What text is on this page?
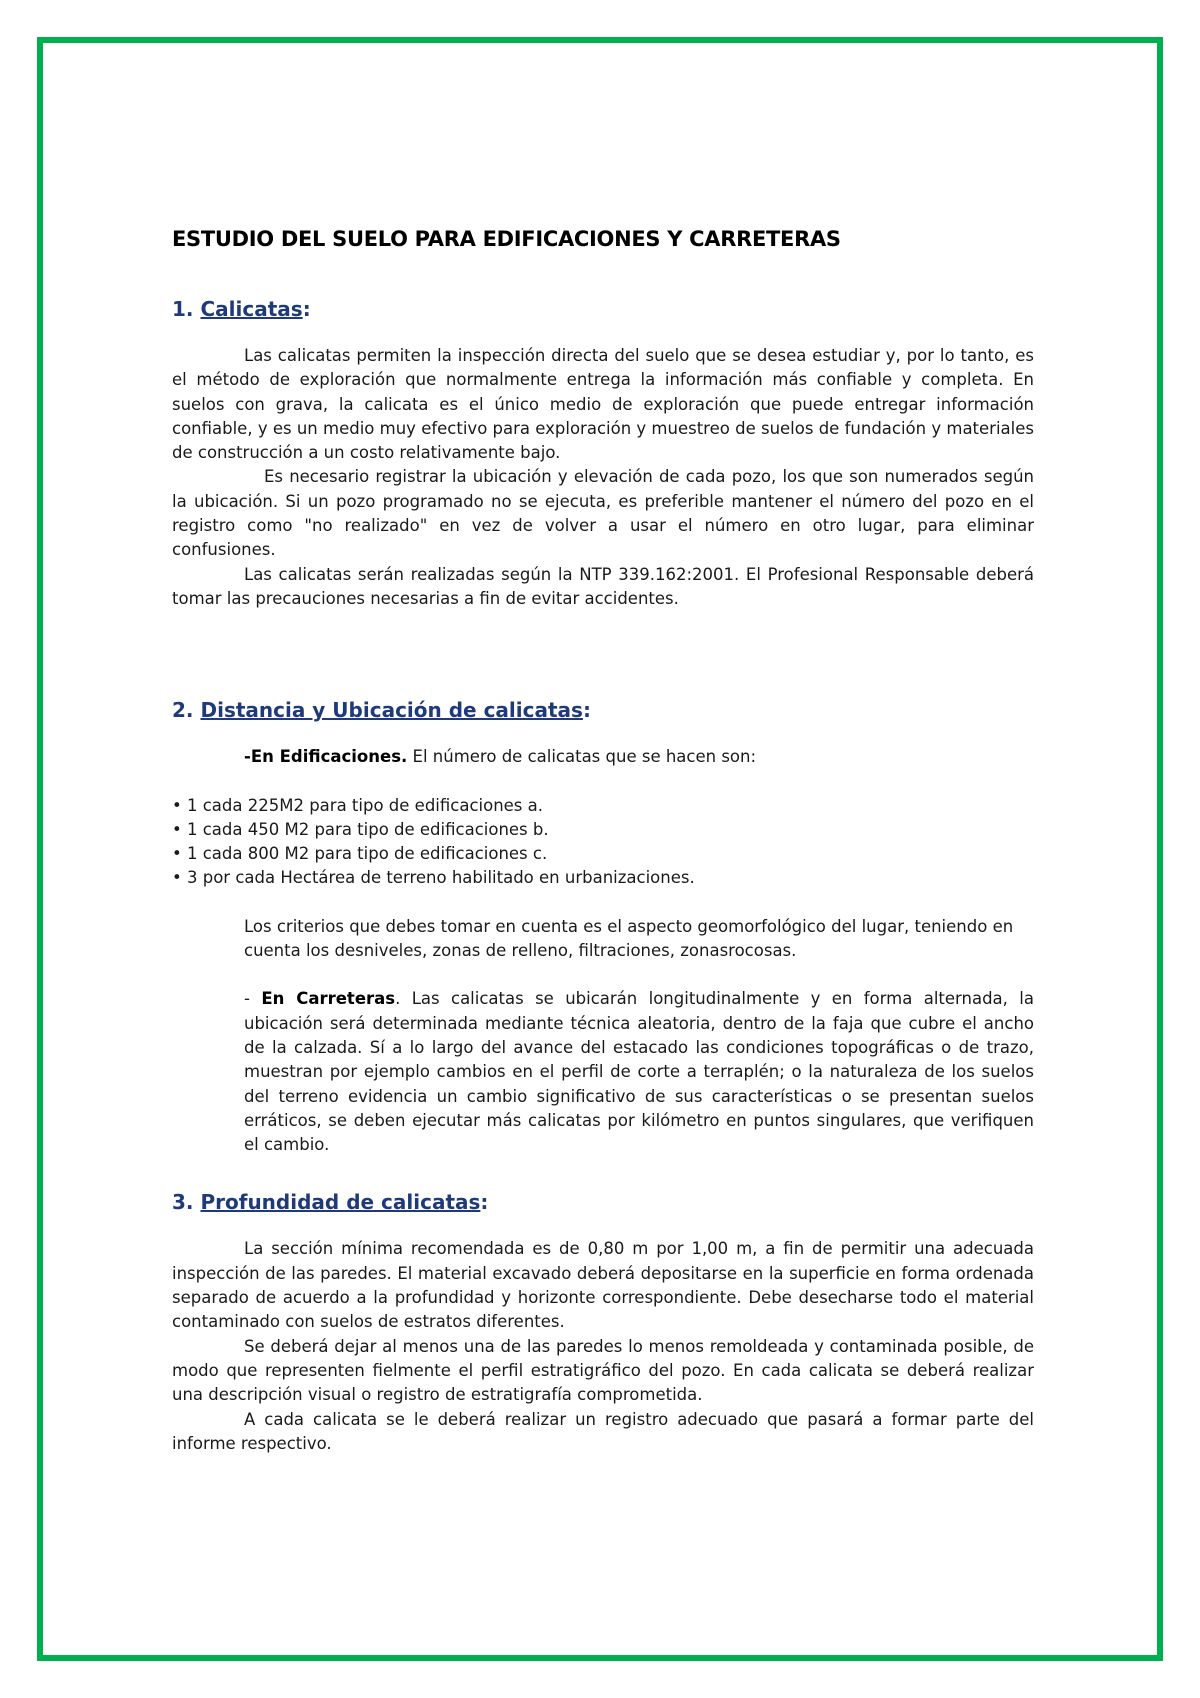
ESTUDIO DEL SUELO PARA EDIFICACIONES Y CARRETERAS
1. Calicatas:

Las calicatas permiten la inspección directa del suelo que se desea estudiar y, por lo tanto, es el método de exploración que normalmente entrega la información más confiable y completa. En suelos con grava, la calicata es el único medio de exploración que puede entregar información confiable, y es un medio muy efectivo para exploración y muestreo de suelos de fundación y materiales de construcción a un costo relativamente bajo.

Es necesario registrar la ubicación y elevación de cada pozo, los que son numerados según la ubicación. Si un pozo programado no se ejecuta, es preferible mantener el número del pozo en el registro como "no realizado" en vez de volver a usar el número en otro lugar, para eliminar confusiones.

Las calicatas serán realizadas según la NTP 339.162:2001. El Profesional Responsable deberá tomar las precauciones necesarias a fin de evitar accidentes.

2. Distancia y Ubicación de calicatas:

-En Edificaciones. El número de calicatas que se hacen son:

• 1 cada 225M2 para tipo de edificaciones a.
• 1 cada 450 M2 para tipo de edificaciones b.
• 1 cada 800 M2 para tipo de edificaciones c.
• 3 por cada Hectárea de terreno habilitado en urbanizaciones.

Los criterios que debes tomar en cuenta es el aspecto geomorfológico del lugar, teniendo en cuenta los desniveles, zonas de relleno, filtraciones, zonasrocosas.

- En Carreteras. Las calicatas se ubicarán longitudinalmente y en forma alternada, la ubicación será determinada mediante técnica aleatoria, dentro de la faja que cubre el ancho de la calzada. Sí a lo largo del avance del estacado las condiciones topográficas o de trazo, muestran por ejemplo cambios en el perfil de corte a terraplén; o la naturaleza de los suelos del terreno evidencia un cambio significativo de sus características o se presentan suelos erráticos, se deben ejecutar más calicatas por kilómetro en puntos singulares, que verifiquen el cambio.

3. Profundidad de calicatas:

La sección mínima recomendada es de 0,80 m por 1,00 m, a fin de permitir una adecuada inspección de las paredes. El material excavado deberá depositarse en la superficie en forma ordenada separado de acuerdo a la profundidad y horizonte correspondiente. Debe desecharse todo el material contaminado con suelos de estratos diferentes.

Se deberá dejar al menos una de las paredes lo menos remoldeada y contaminada posible, de modo que representen fielmente el perfil estratigráfico del pozo. En cada calicata se deberá realizar una descripción visual o registro de estratigrafía comprometida.

A cada calicata se le deberá realizar un registro adecuado que pasará a formar parte del informe respectivo.
